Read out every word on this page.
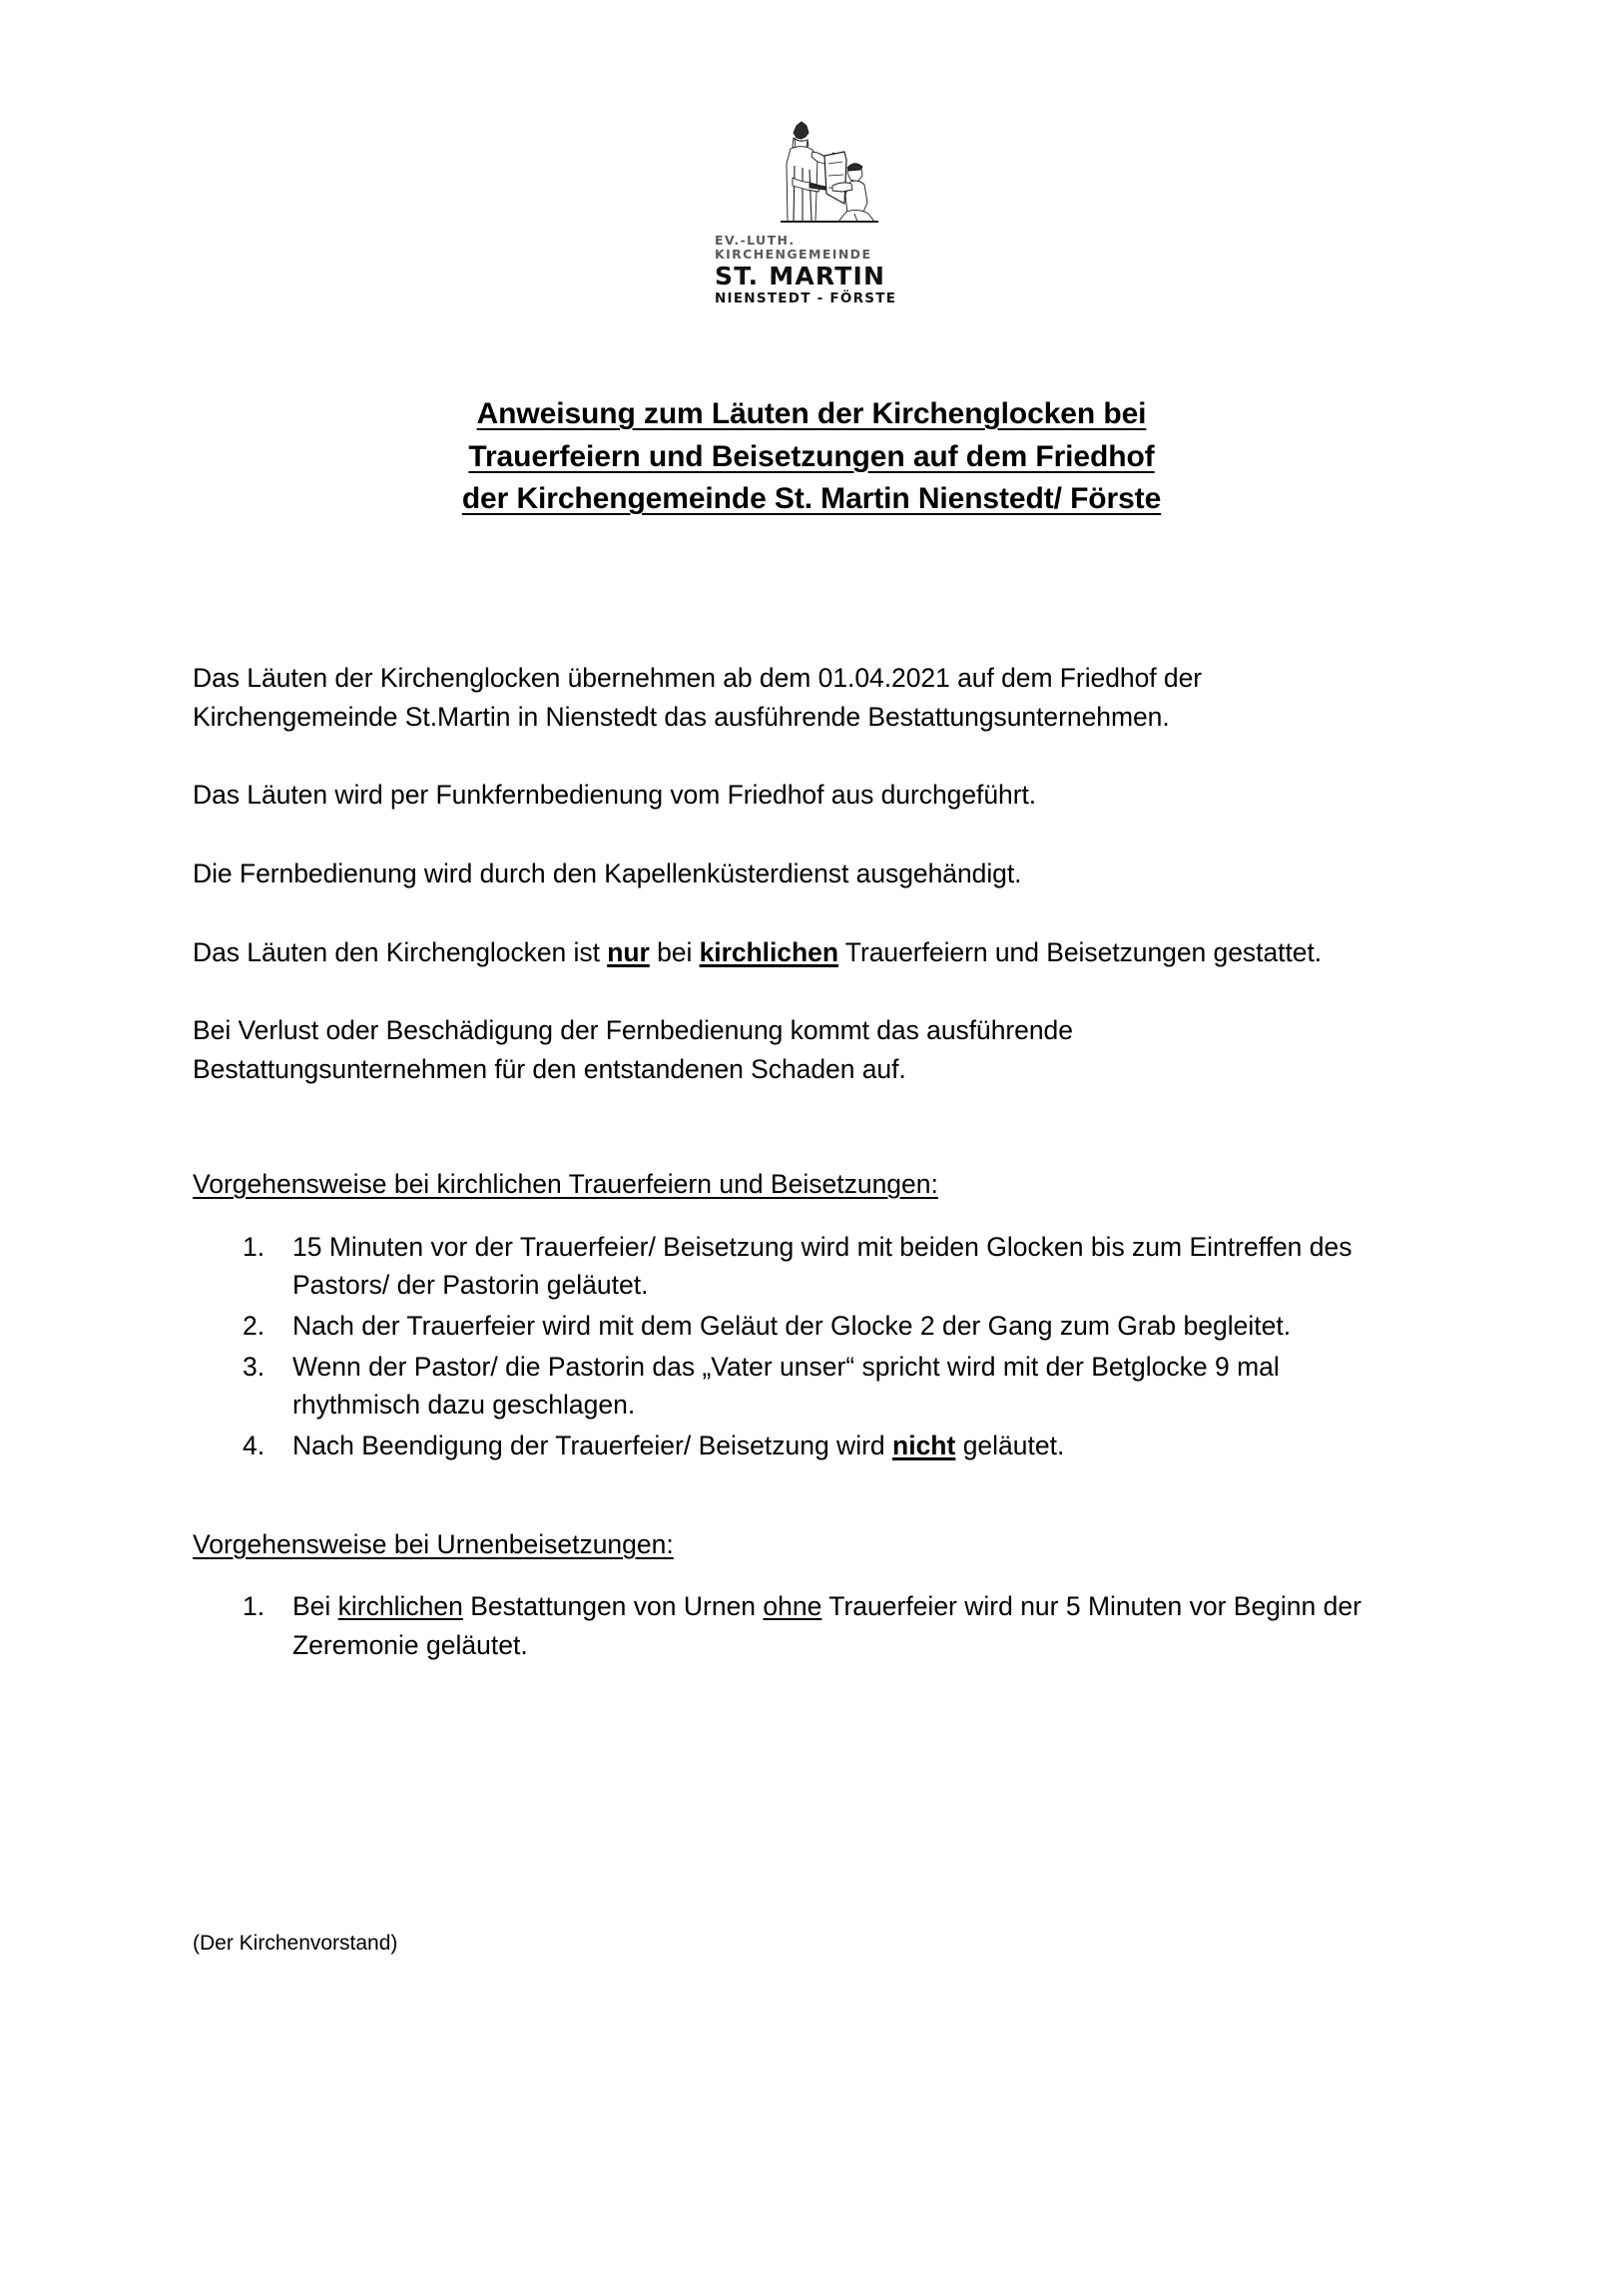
EV.-LUTH.
KIRCHENGEMEINDE
ST. MARTIN
NIENSTEDT - FÖRSTE
Anweisung zum Läuten der Kirchenglocken bei
Trauerfeiern und Beisetzungen auf dem Friedhof
der Kirchengemeinde St. Martin Nienstedt/ Förste

Das Läuten der Kirchenglocken übernehmen ab dem 01.04.2021 auf dem Friedhof der Kirchengemeinde St.Martin in Nienstedt das ausführende Bestattungsunternehmen.

Das Läuten wird per Funkfernbedienung vom Friedhof aus durchgeführt.

Die Fernbedienung wird durch den Kapellenküsterdienst ausgehändigt.

Das Läuten den Kirchenglocken ist nur bei kirchlichen Trauerfeiern und Beisetzungen gestattet.

Bei Verlust oder Beschädigung der Fernbedienung kommt das ausführende Bestattungsunternehmen für den entstandenen Schaden auf.

Vorgehensweise bei kirchlichen Trauerfeiern und Beisetzungen:

15 Minuten vor der Trauerfeier/ Beisetzung wird mit beiden Glocken bis zum Eintreffen des Pastors/ der Pastorin geläutet.
Nach der Trauerfeier wird mit dem Geläut der Glocke 2 der Gang zum Grab begleitet.
Wenn der Pastor/ die Pastorin das „Vater unser“ spricht wird mit der Betglocke 9 mal rhythmisch dazu geschlagen.
Nach Beendigung der Trauerfeier/ Beisetzung wird nicht geläutet.

Vorgehensweise bei Urnenbeisetzungen:

Bei kirchlichen Bestattungen von Urnen ohne Trauerfeier wird nur 5 Minuten vor Beginn der Zeremonie geläutet.
(Der Kirchenvorstand)
